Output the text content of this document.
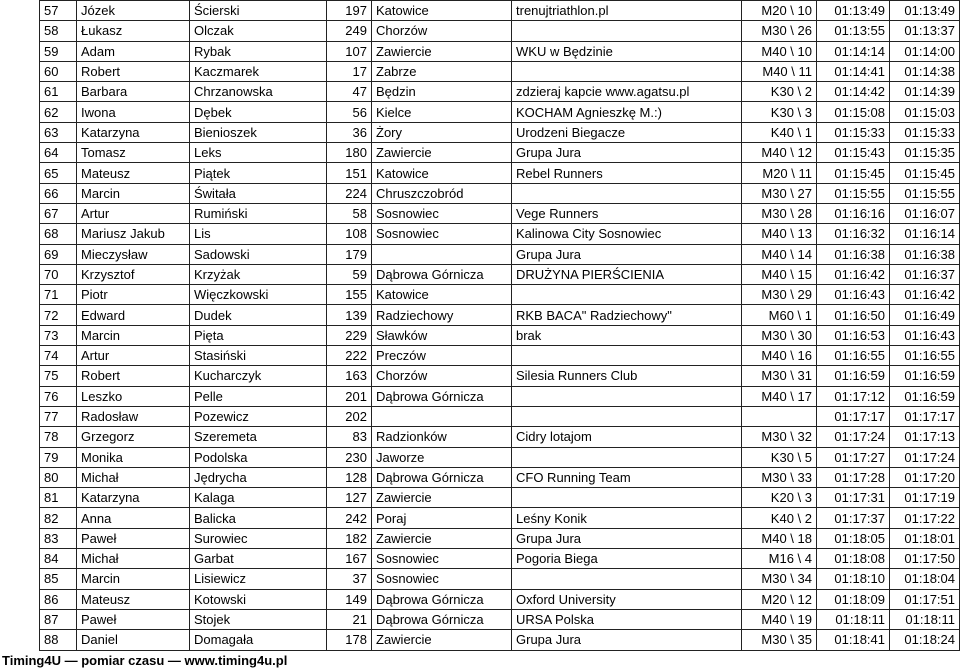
57	Józek	Ścierski	197	Katowice	trenujtriathlon.pl	M20 \ 10	01:13:49	01:13:49
58	Łukasz	Olczak	249	Chorzów		M30 \ 26	01:13:55	01:13:37
59	Adam	Rybak	107	Zawiercie	WKU w Będzinie	M40 \ 10	01:14:14	01:14:00
60	Robert	Kaczmarek	17	Zabrze		M40 \ 11	01:14:41	01:14:38
61	Barbara	Chrzanowska	47	Będzin	zdzieraj kapcie www.agatsu.pl	K30 \ 2	01:14:42	01:14:39
62	Iwona	Dębek	56	Kielce	KOCHAM Agnieszkę M.:)	K30 \ 3	01:15:08	01:15:03
63	Katarzyna	Bienioszek	36	Żory	Urodzeni Biegacze	K40 \ 1	01:15:33	01:15:33
64	Tomasz	Leks	180	Zawiercie	Grupa Jura	M40 \ 12	01:15:43	01:15:35
65	Mateusz	Piątek	151	Katowice	Rebel Runners	M20 \ 11	01:15:45	01:15:45
66	Marcin	Świtała	224	Chruszczobród		M30 \ 27	01:15:55	01:15:55
67	Artur	Rumiński	58	Sosnowiec	Vege Runners	M30 \ 28	01:16:16	01:16:07
68	Mariusz Jakub	Lis	108	Sosnowiec	Kalinowa City Sosnowiec	M40 \ 13	01:16:32	01:16:14
69	Mieczysław	Sadowski	179		Grupa Jura	M40 \ 14	01:16:38	01:16:38
70	Krzysztof	Krzyżak	59	Dąbrowa Górnicza	DRUŻYNA PIERŚCIENIA	M40 \ 15	01:16:42	01:16:37
71	Piotr	Więczkowski	155	Katowice		M30 \ 29	01:16:43	01:16:42
72	Edward	Dudek	139	Radziechowy	RKB BACA" Radziechowy"	M60 \ 1	01:16:50	01:16:49
73	Marcin	Pięta	229	Sławków	brak	M30 \ 30	01:16:53	01:16:43
74	Artur	Stasiński	222	Preczów		M40 \ 16	01:16:55	01:16:55
75	Robert	Kucharczyk	163	Chorzów	Silesia Runners Club	M30 \ 31	01:16:59	01:16:59
76	Leszko	Pelle	201	Dąbrowa Górnicza		M40 \ 17	01:17:12	01:16:59
77	Radosław	Pozewicz	202				01:17:17	01:17:17
78	Grzegorz	Szeremeta	83	Radzionków	Cidry lotajom	M30 \ 32	01:17:24	01:17:13
79	Monika	Podolska	230	Jaworze		K30 \ 5	01:17:27	01:17:24
80	Michał	Jędrycha	128	Dąbrowa Górnicza	CFO Running Team	M30 \ 33	01:17:28	01:17:20
81	Katarzyna	Kalaga	127	Zawiercie		K20 \ 3	01:17:31	01:17:19
82	Anna	Balicka	242	Poraj	Leśny Konik	K40 \ 2	01:17:37	01:17:22
83	Paweł	Surowiec	182	Zawiercie	Grupa Jura	M40 \ 18	01:18:05	01:18:01
84	Michał	Garbat	167	Sosnowiec	Pogoria Biega	M16 \ 4	01:18:08	01:17:50
85	Marcin	Lisiewicz	37	Sosnowiec		M30 \ 34	01:18:10	01:18:04
86	Mateusz	Kotowski	149	Dąbrowa Górnicza	Oxford University	M20 \ 12	01:18:09	01:17:51
87	Paweł	Stojek	21	Dąbrowa Górnicza	URSA Polska	M40 \ 19	01:18:11	01:18:11
88	Daniel	Domagała	178	Zawiercie	Grupa Jura	M30 \ 35	01:18:41	01:18:24
Timing4U — pomiar czasu — www.timing4u.pl
